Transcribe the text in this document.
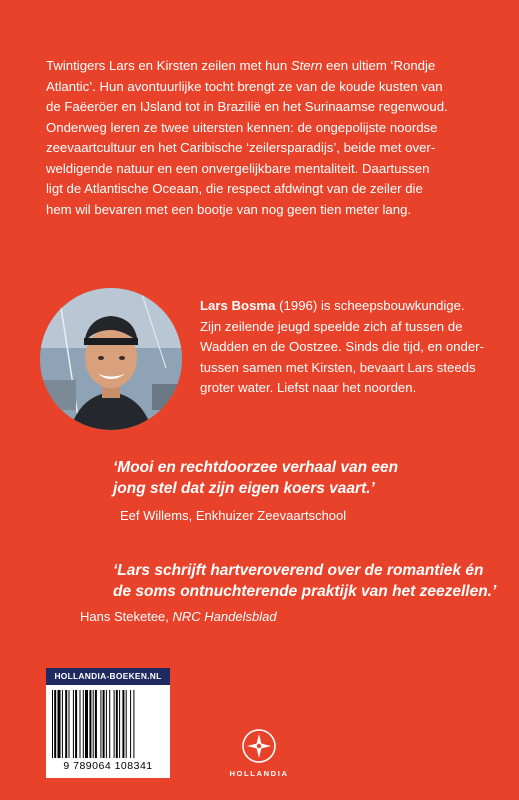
Twintigers Lars en Kirsten zeilen met hun Stern een ultiem ‘Rondje
Atlantic’. Hun avontuurlijke tocht brengt ze van de koude kusten van
de Faëeröer en IJsland tot in Brazilië en het Surinaamse regenwoud.
Onderweg leren ze twee uitersten kennen: de ongepolijste noordse
zeevaartcultuur en het Caribische ‘zeilersparadijs’, beide met over-
weldigende natuur en een onvergelijkbare mentaliteit. Daartussen
ligt de Atlantische Oceaan, die respect afdwingt van de zeiler die
hem wil bevaren met een bootje van nog geen tien meter lang.
Lars Bosma (1996) is scheepsbouwkundige.
Zijn zeilende jeugd speelde zich af tussen de
Wadden en de Oostzee. Sinds die tijd, en onder-
tussen samen met Kirsten, bevaart Lars steeds
groter water. Liefst naar het noorden.
‘Mooi en rechtdoorzee verhaal van een
jong stel dat zijn eigen koers vaart.’
Eef Willems, Enkhuizer Zeevaartschool
‘Lars schrijft hartveroverend over de romantiek én
de soms ontnuchterende praktijk van het zeezellen.’
Hans Steketee, NRC Handelsblad
HOLLANDIA-BOEKEN.NL
9 789064 108341
HOLLANDIA
